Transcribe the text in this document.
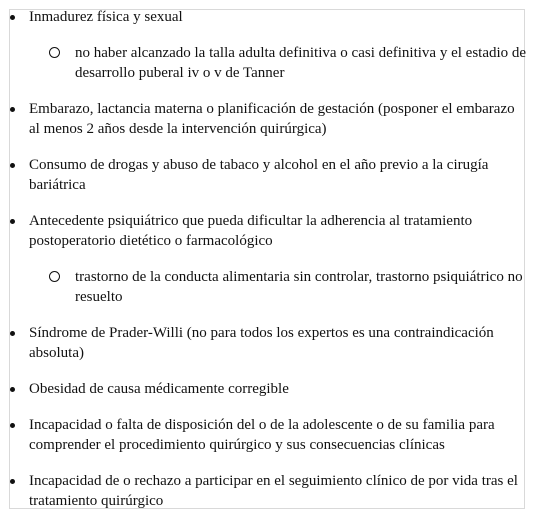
Inmadurez física y sexual
no haber alcanzado la talla adulta definitiva o casi definitiva y el estadio de desarrollo puberal iv o v de Tanner
Embarazo, lactancia materna o planificación de gestación (posponer el embarazo al menos 2 años desde la intervención quirúrgica)
Consumo de drogas y abuso de tabaco y alcohol en el año previo a la cirugía bariátrica
Antecedente psiquiátrico que pueda dificultar la adherencia al tratamiento postoperatorio dietético o farmacológico
trastorno de la conducta alimentaria sin controlar, trastorno psiquiátrico no resuelto
Síndrome de Prader-Willi (no para todos los expertos es una contraindicación absoluta)
Obesidad de causa médicamente corregible
Incapacidad o falta de disposición del o de la adolescente o de su familia para comprender el procedimiento quirúrgico y sus consecuencias clínicas
Incapacidad de o rechazo a participar en el seguimiento clínico de por vida tras el tratamiento quirúrgico
